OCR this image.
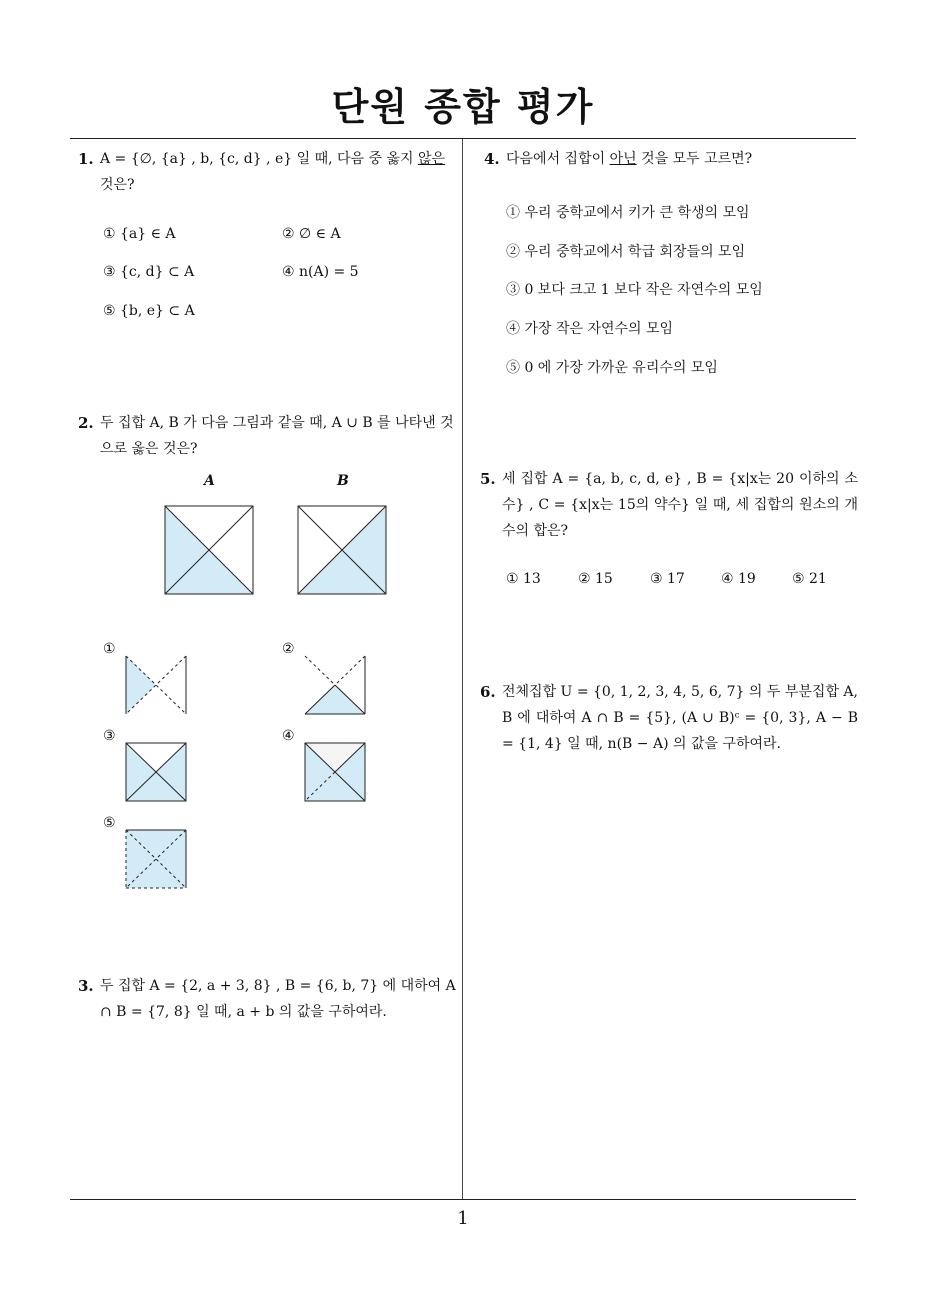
단원 종합 평가
1
1. A = {∅, {a} , b, {c, d} , e} 일 때, 다음 중 옳지 않은 것은?
① {a} ∈ A	② ∅ ∈ A
③ {c, d} ⊂ A	④ n(A) = 5
⑤ {b, e} ⊂ A
2. 두 집합 A, B 가 다음 그림과 같을 때, A ∪ B 를 나타낸 것으로 옳은 것은?
A	B
①	②
③	④
⑤
3. 두 집합 A = {2, a + 3, 8} , B = {6, b, 7} 에 대하여 A ∩ B = {7, 8} 일 때, a + b 의 값을 구하여라.
4. 다음에서 집합이 아닌 것을 모두 고르면?
① 우리 중학교에서 키가 큰 학생의 모임
② 우리 중학교에서 학급 회장들의 모임
③ 0 보다 크고 1 보다 작은 자연수의 모임
④ 가장 작은 자연수의 모임
⑤ 0 에 가장 가까운 유리수의 모임
5. 세 집합 A = {a, b, c, d, e} , B = {x|x는 20 이하의 소수} , C = {x|x는 15의 약수} 일 때, 세 집합의 원소의 개수의 합은?
① 13	② 15	③ 17	④ 19	⑤ 21
6. 전체집합 U = {0, 1, 2, 3, 4, 5, 6, 7} 의 두 부분집합 A, B 에 대하여 A ∩ B = {5}, (A ∪ B)ᶜ = {0, 3}, A − B = {1, 4} 일 때, n(B − A) 의 값을 구하여라.
